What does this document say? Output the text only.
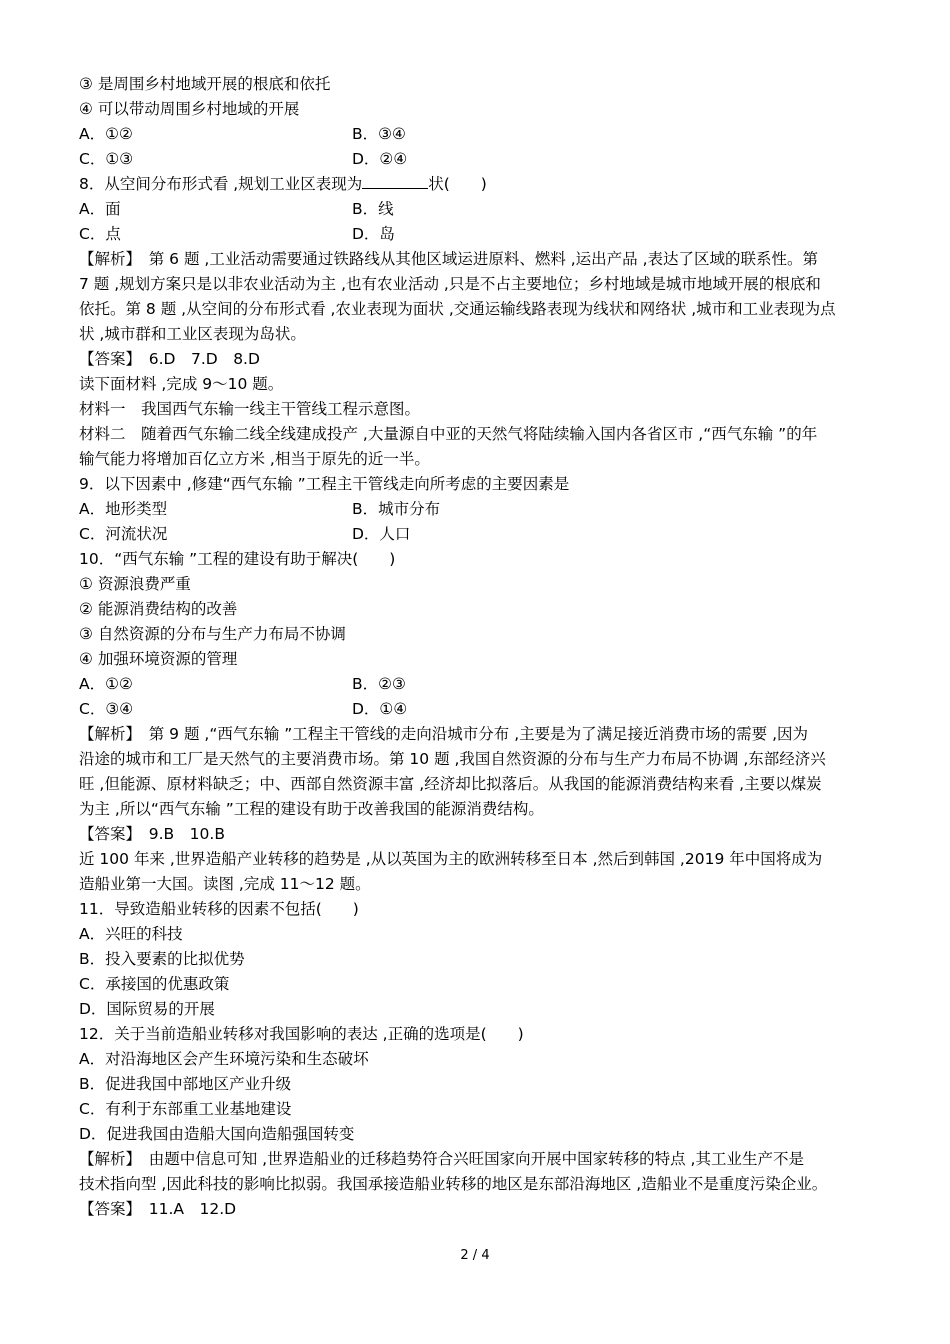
③ 是周围乡村地域开展的根底和依托
④ 可以带动周围乡村地域的开展
A．①②	B．③④
C．①③	D．②④
8．从空间分布形式看 ,规划工业区表现为	状(　　)
A．面	B．线
C．点	D．岛
【解析】　第 6 题 ,工业活动需要通过铁路线从其他区域运进原料、燃料 ,运出产品 ,表达了区域的联系性。第
7 题 ,规划方案只是以非农业活动为主 ,也有农业活动 ,只是不占主要地位；乡村地域是城市地域开展的根底和
依托。第 8 题 ,从空间的分布形式看 ,农业表现为面状 ,交通运输线路表现为线状和网络状 ,城市和工业表现为点
状 ,城市群和工业区表现为岛状。
【答案】　6.D　7.D　8.D
读下面材料 ,完成 9～10 题。
材料一　我国西气东输一线主干管线工程示意图。
材料二　随着西气东输二线全线建成投产 ,大量源自中亚的天然气将陆续输入国内各省区市 ,“西气东输 ”的年
输气能力将增加百亿立方米 ,相当于原先的近一半。
9．以下因素中 ,修建“西气东输 ”工程主干管线走向所考虑的主要因素是
A．地形类型	B．城市分布
C．河流状况	D．人口
10．“西气东输 ”工程的建设有助于解决(　　)
① 资源浪费严重
② 能源消费结构的改善
③ 自然资源的分布与生产力布局不协调
④ 加强环境资源的管理
A．①②	B．②③
C．③④	D．①④
【解析】　第 9 题 ,“西气东输 ”工程主干管线的走向沿城市分布 ,主要是为了满足接近消费市场的需要 ,因为
沿途的城市和工厂是天然气的主要消费市场。第 10 题 ,我国自然资源的分布与生产力布局不协调 ,东部经济兴
旺 ,但能源、原材料缺乏；中、西部自然资源丰富 ,经济却比拟落后。从我国的能源消费结构来看 ,主要以煤炭
为主 ,所以“西气东输 ”工程的建设有助于改善我国的能源消费结构。
【答案】　9.B　10.B
近 100 年来 ,世界造船产业转移的趋势是 ,从以英国为主的欧洲转移至日本 ,然后到韩国 ,2019 年中国将成为
造船业第一大国。读图 ,完成 11～12 题。
11．导致造船业转移的因素不包括(　　)
A．兴旺的科技
B．投入要素的比拟优势
C．承接国的优惠政策
D．国际贸易的开展
12．关于当前造船业转移对我国影响的表达 ,正确的选项是(　　)
A．对沿海地区会产生环境污染和生态破坏
B．促进我国中部地区产业升级
C．有利于东部重工业基地建设
D．促进我国由造船大国向造船强国转变
【解析】　由题中信息可知 ,世界造船业的迁移趋势符合兴旺国家向开展中国家转移的特点 ,其工业生产不是
技术指向型 ,因此科技的影响比拟弱。我国承接造船业转移的地区是东部沿海地区 ,造船业不是重度污染企业。
【答案】　11.A　12.D
2 / 4
